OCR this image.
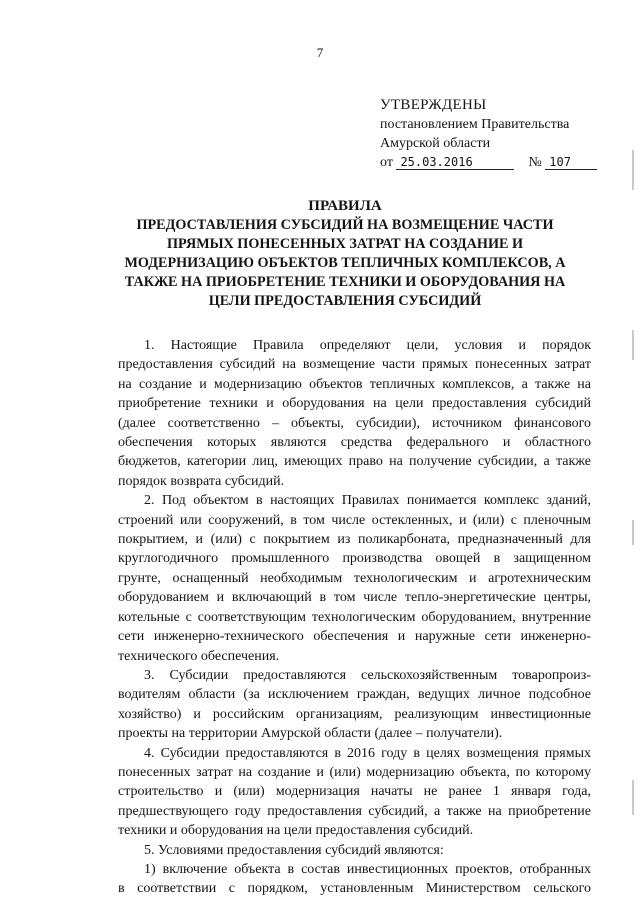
7
УТВЕРЖДЕНЫ
постановлением Правительства
Амурской области
от 25.03.2016	№ 107
ПРАВИЛА
ПРЕДОСТАВЛЕНИЯ СУБСИДИЙ НА ВОЗМЕЩЕНИЕ ЧАСТИ
ПРЯМЫХ ПОНЕСЕННЫХ ЗАТРАТ НА СОЗДАНИЕ И
МОДЕРНИЗАЦИЮ ОБЪЕКТОВ ТЕПЛИЧНЫХ КОМПЛЕКСОВ, А
ТАКЖЕ НА ПРИОБРЕТЕНИЕ ТЕХНИКИ И ОБОРУДОВАНИЯ НА
ЦЕЛИ ПРЕДОСТАВЛЕНИЯ СУБСИДИЙ

1. Настоящие Правила определяют цели, условия и порядок

предоставления субсидий на возмещение части прямых понесенных затрат

на создание и модернизацию объектов тепличных комплексов, а также на

приобретение техники и оборудования на цели предоставления субсидий

(далее соответственно – объекты, субсидии), источником финансового

обеспечения которых являются средства федерального и областного

бюджетов, категории лиц, имеющих право на получение субсидии, а также

порядок возврата субсидий.

2. Под объектом в настоящих Правилах понимается комплекс зданий,

строений или сооружений, в том числе остекленных, и (или) с пленочным

покрытием, и (или) с покрытием из поликарбоната, предназначенный для

круглогодичного промышленного производства овощей в защищенном

грунте, оснащенный необходимым технологическим и агротехническим

оборудованием и включающий в том числе тепло-энергетические центры,

котельные с соответствующим технологическим оборудованием, внутренние

сети инженерно-технического обеспечения и наружные сети инженерно-

технического обеспечения.

3. Субсидии предоставляются сельскохозяйственным товаропроиз-

водителям области (за исключением граждан, ведущих личное подсобное

хозяйство) и российским организациям, реализующим инвестиционные

проекты на территории Амурской области (далее – получатели).

4. Субсидии предоставляются в 2016 году в целях возмещения прямых

понесенных затрат на создание и (или) модернизацию объекта, по которому

строительство и (или) модернизация начаты не ранее 1 января года,

предшествующего году предоставления субсидий, а также на приобретение

техники и оборудования на цели предоставления субсидий.

5. Условиями предоставления субсидий являются:

1) включение объекта в состав инвестиционных проектов, отобранных

в соответствии с порядком, установленным Министерством сельского
